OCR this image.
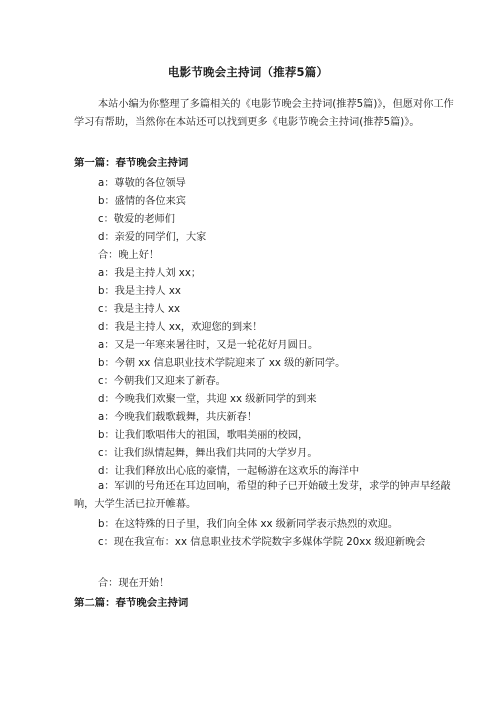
电影节晚会主持词（推荐5篇）

本站小编为你整理了多篇相关的《电影节晚会主持词(推荐5篇)》，但愿对你工作学习有帮助，当然你在本站还可以找到更多《电影节晚会主持词(推荐5篇)》。

第一篇：春节晚会主持词

a：尊敬的各位领导

b：盛情的各位来宾

c：敬爱的老师们

d：亲爱的同学们，大家

合：晚上好！

a：我是主持人刘 xx；

b：我是主持人 xx

c：我是主持人 xx

d：我是主持人 xx，欢迎您的到来！

a：又是一年寒来暑往时，又是一轮花好月圆日。

b：今朝 xx 信息职业技术学院迎来了 xx 级的新同学。

c：今朝我们又迎来了新春。

d：今晚我们欢聚一堂，共迎 xx 级新同学的到来

a：今晚我们载歌载舞，共庆新春！

b：让我们歌唱伟大的祖国，歌唱美丽的校园，

c：让我们纵情起舞，舞出我们共同的大学岁月。

d：让我们释放出心底的豪情，一起畅游在这欢乐的海洋中

a：军训的号角还在耳边回响，希望的种子已开始破土发芽，求学的钟声早经敲响，大学生活已拉开帷幕。

b：在这特殊的日子里，我们向全体 xx 级新同学表示热烈的欢迎。

c：现在我宣布：xx 信息职业技术学院数字多媒体学院 20xx 级迎新晚会

合：现在开始！

第二篇：春节晚会主持词
